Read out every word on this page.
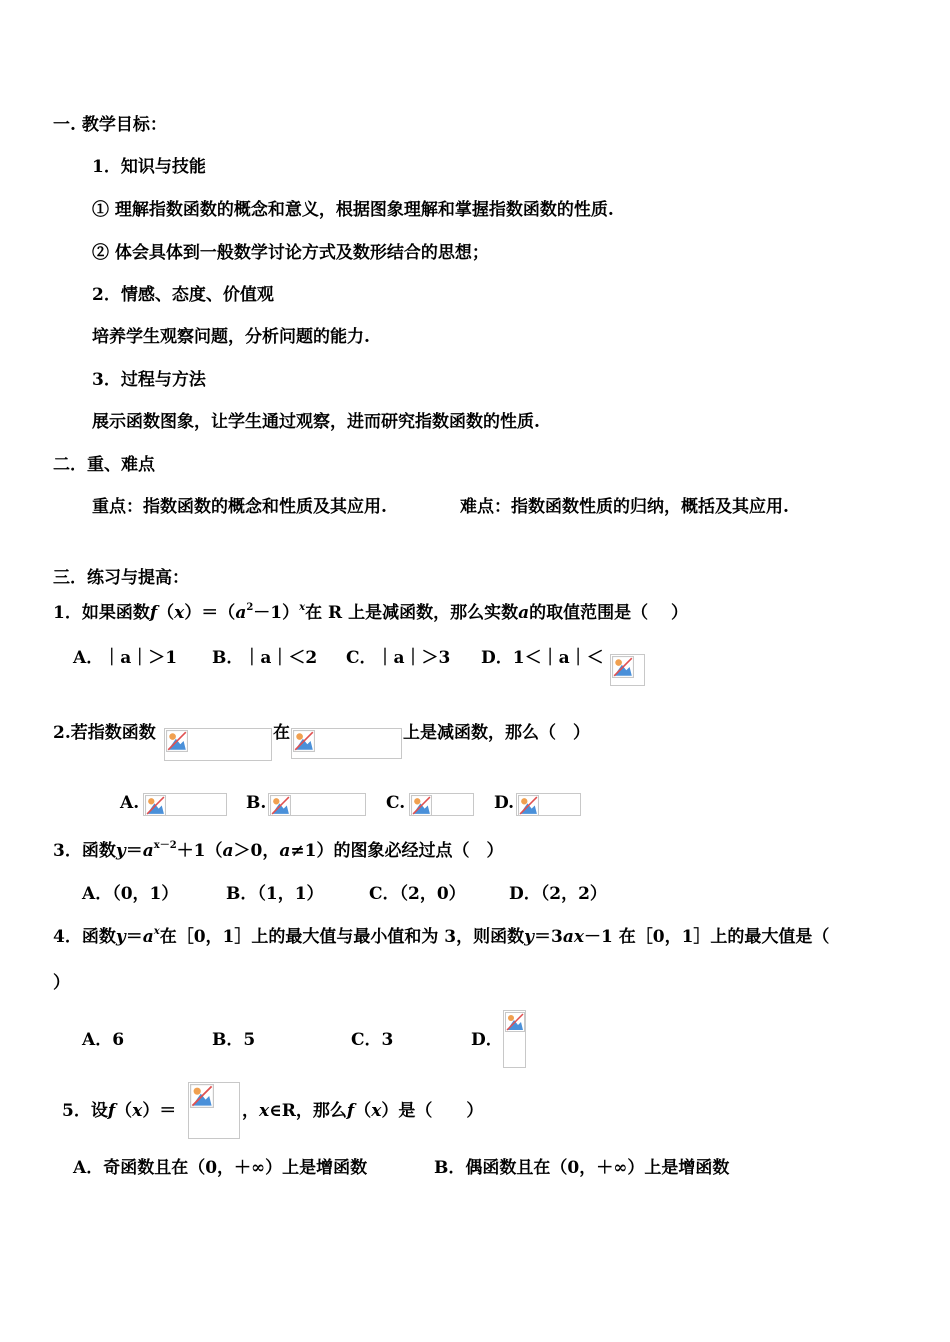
一. 教学目标：
1．知识与技能
① 理解指数函数的概念和意义，根据图象理解和掌握指数函数的性质.
② 体会具体到一般数学讨论方式及数形结合的思想；
2．情感、态度、价值观
培养学生观察问题，分析问题的能力.
3．过程与方法
展示函数图象，让学生通过观察，进而研究指数函数的性质.
二．重、难点
重点：指数函数的概念和性质及其应用.	难点：指数函数性质的归纳，概括及其应用.
三．练习与提高：
1．如果函数$f(x)=(a^2-1)^x$在 R 上是减函数，那么实数a的取值范围是（　 ）
A．｜a｜＞1 B．｜a｜＜2 C．｜a｜＞3 D．1＜｜a｜＜
2.若指数函数	在	上是减函数，那么（　）
A.	B.	C.	D.
3．函数$y=a^{x-2}+1(a>0$，a≠1）的图象必经过点（　）
A．（0，1）	B．（1，1）	C．（2，0）	D．（2，2）
4．函数$y=a^x$在［0，1］上的最大值与最小值和为 3，则函数y＝3ax－1 在［0，1］上的最大值是（
）
A．6	B．5	C．3	D．
5．设f（x）＝	，x∈R，那么f（x）是（　　）
A．奇函数且在（0，＋∞）上是增函数	B．偶函数且在（0，＋∞）上是增函数
